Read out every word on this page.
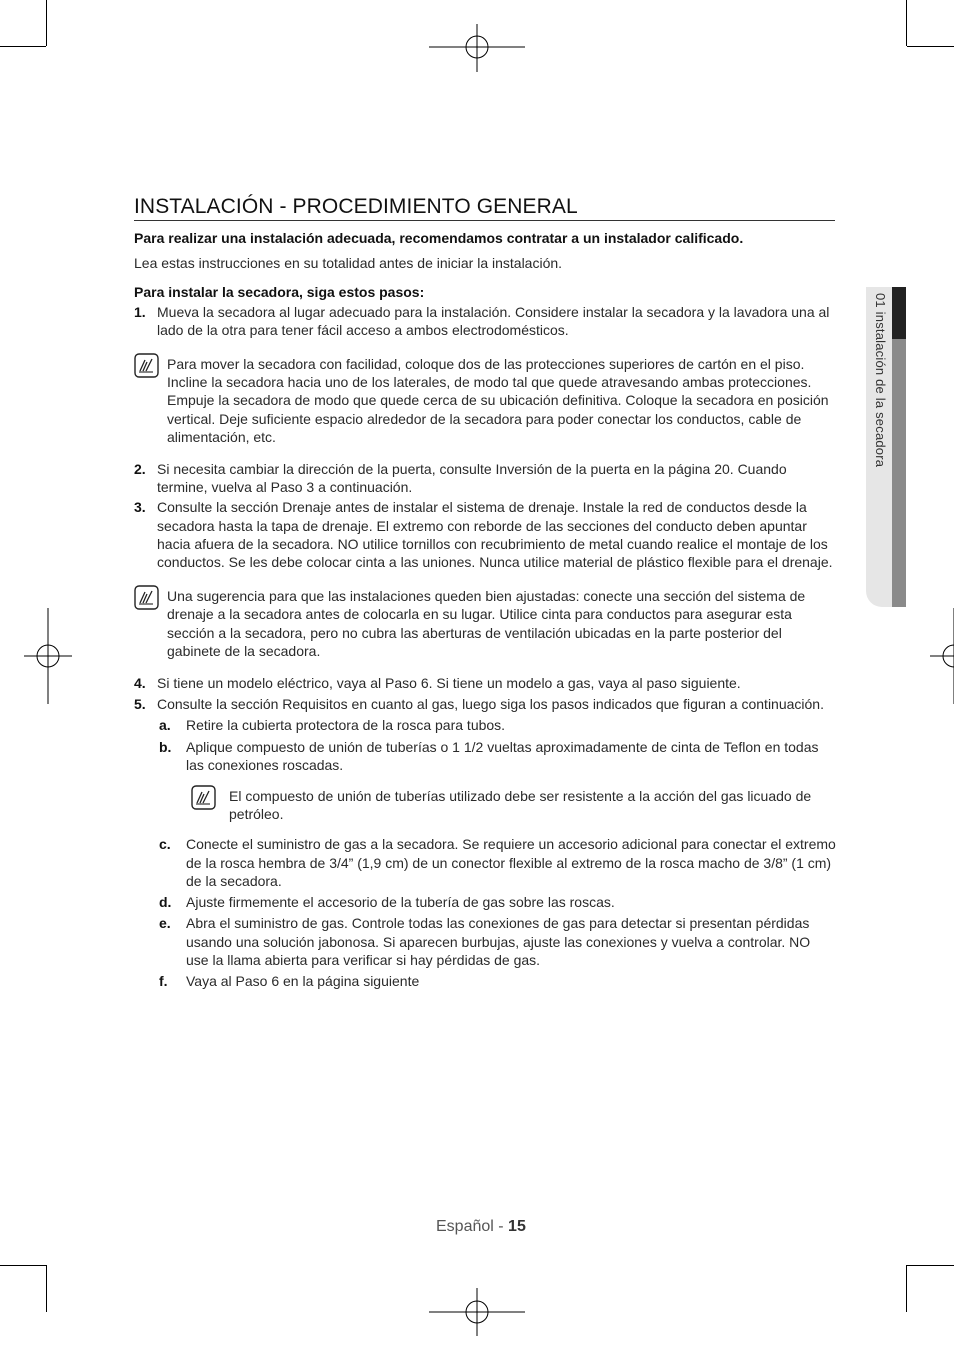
01 instalación de la secadora
INSTALACIÓN - PROCEDIMIENTO GENERAL

Para realizar una instalación adecuada, recomendamos contratar a un instalador calificado.

Lea estas instrucciones en su totalidad antes de iniciar la instalación.

Para instalar la secadora, siga estos pasos:

1. Mueva la secadora al lugar adecuado para la instalación. Considere instalar la secadora y la lavadora una al lado de la otra para tener fácil acceso a ambos electrodomésticos.
Para mover la secadora con facilidad, coloque dos de las protecciones superiores de cartón en el piso. Incline la secadora hacia uno de los laterales, de modo tal que quede atravesando ambas protecciones. Empuje la secadora de modo que quede cerca de su ubicación definitiva. Coloque la secadora en posición vertical. Deje suficiente espacio alrededor de la secadora para poder conectar los conductos, cable de alimentación, etc.
2. Si necesita cambiar la dirección de la puerta, consulte Inversión de la puerta en la página 20. Cuando termine, vuelva al Paso 3 a continuación.
3. Consulte la sección Drenaje antes de instalar el sistema de drenaje. Instale la red de conductos desde la secadora hasta la tapa de drenaje. El extremo con reborde de las secciones del conducto deben apuntar hacia afuera de la secadora. NO utilice tornillos con recubrimiento de metal cuando realice el montaje de los conductos. Se les debe colocar cinta a las uniones. Nunca utilice material de plástico flexible para el drenaje.
Una sugerencia para que las instalaciones queden bien ajustadas: conecte una sección del sistema de drenaje a la secadora antes de colocarla en su lugar. Utilice cinta para conductos para asegurar esta sección a la secadora, pero no cubra las aberturas de ventilación ubicadas en la parte posterior del gabinete de la secadora.
4. Si tiene un modelo eléctrico, vaya al Paso 6. Si tiene un modelo a gas, vaya al paso siguiente.
5. Consulte la sección Requisitos en cuanto al gas, luego siga los pasos indicados que figuran a continuación.
a. Retire la cubierta protectora de la rosca para tubos.
b. Aplique compuesto de unión de tuberías o 1 1/2 vueltas aproximadamente de cinta de Teflon en todas las conexiones roscadas.
El compuesto de unión de tuberías utilizado debe ser resistente a la acción del gas licuado de petróleo.
c. Conecte el suministro de gas a la secadora. Se requiere un accesorio adicional para conectar el extremo de la rosca hembra de 3/4” (1,9 cm) de un conector flexible al extremo de la rosca macho de 3/8” (1 cm) de la secadora.
d. Ajuste firmemente el accesorio de la tubería de gas sobre las roscas.
e. Abra el suministro de gas. Controle todas las conexiones de gas para detectar si presentan pérdidas usando una solución jabonosa. Si aparecen burbujas, ajuste las conexiones y vuelva a controlar. NO use la llama abierta para verificar si hay pérdidas de gas.
f. Vaya al Paso 6 en la página siguiente
Español - 15
